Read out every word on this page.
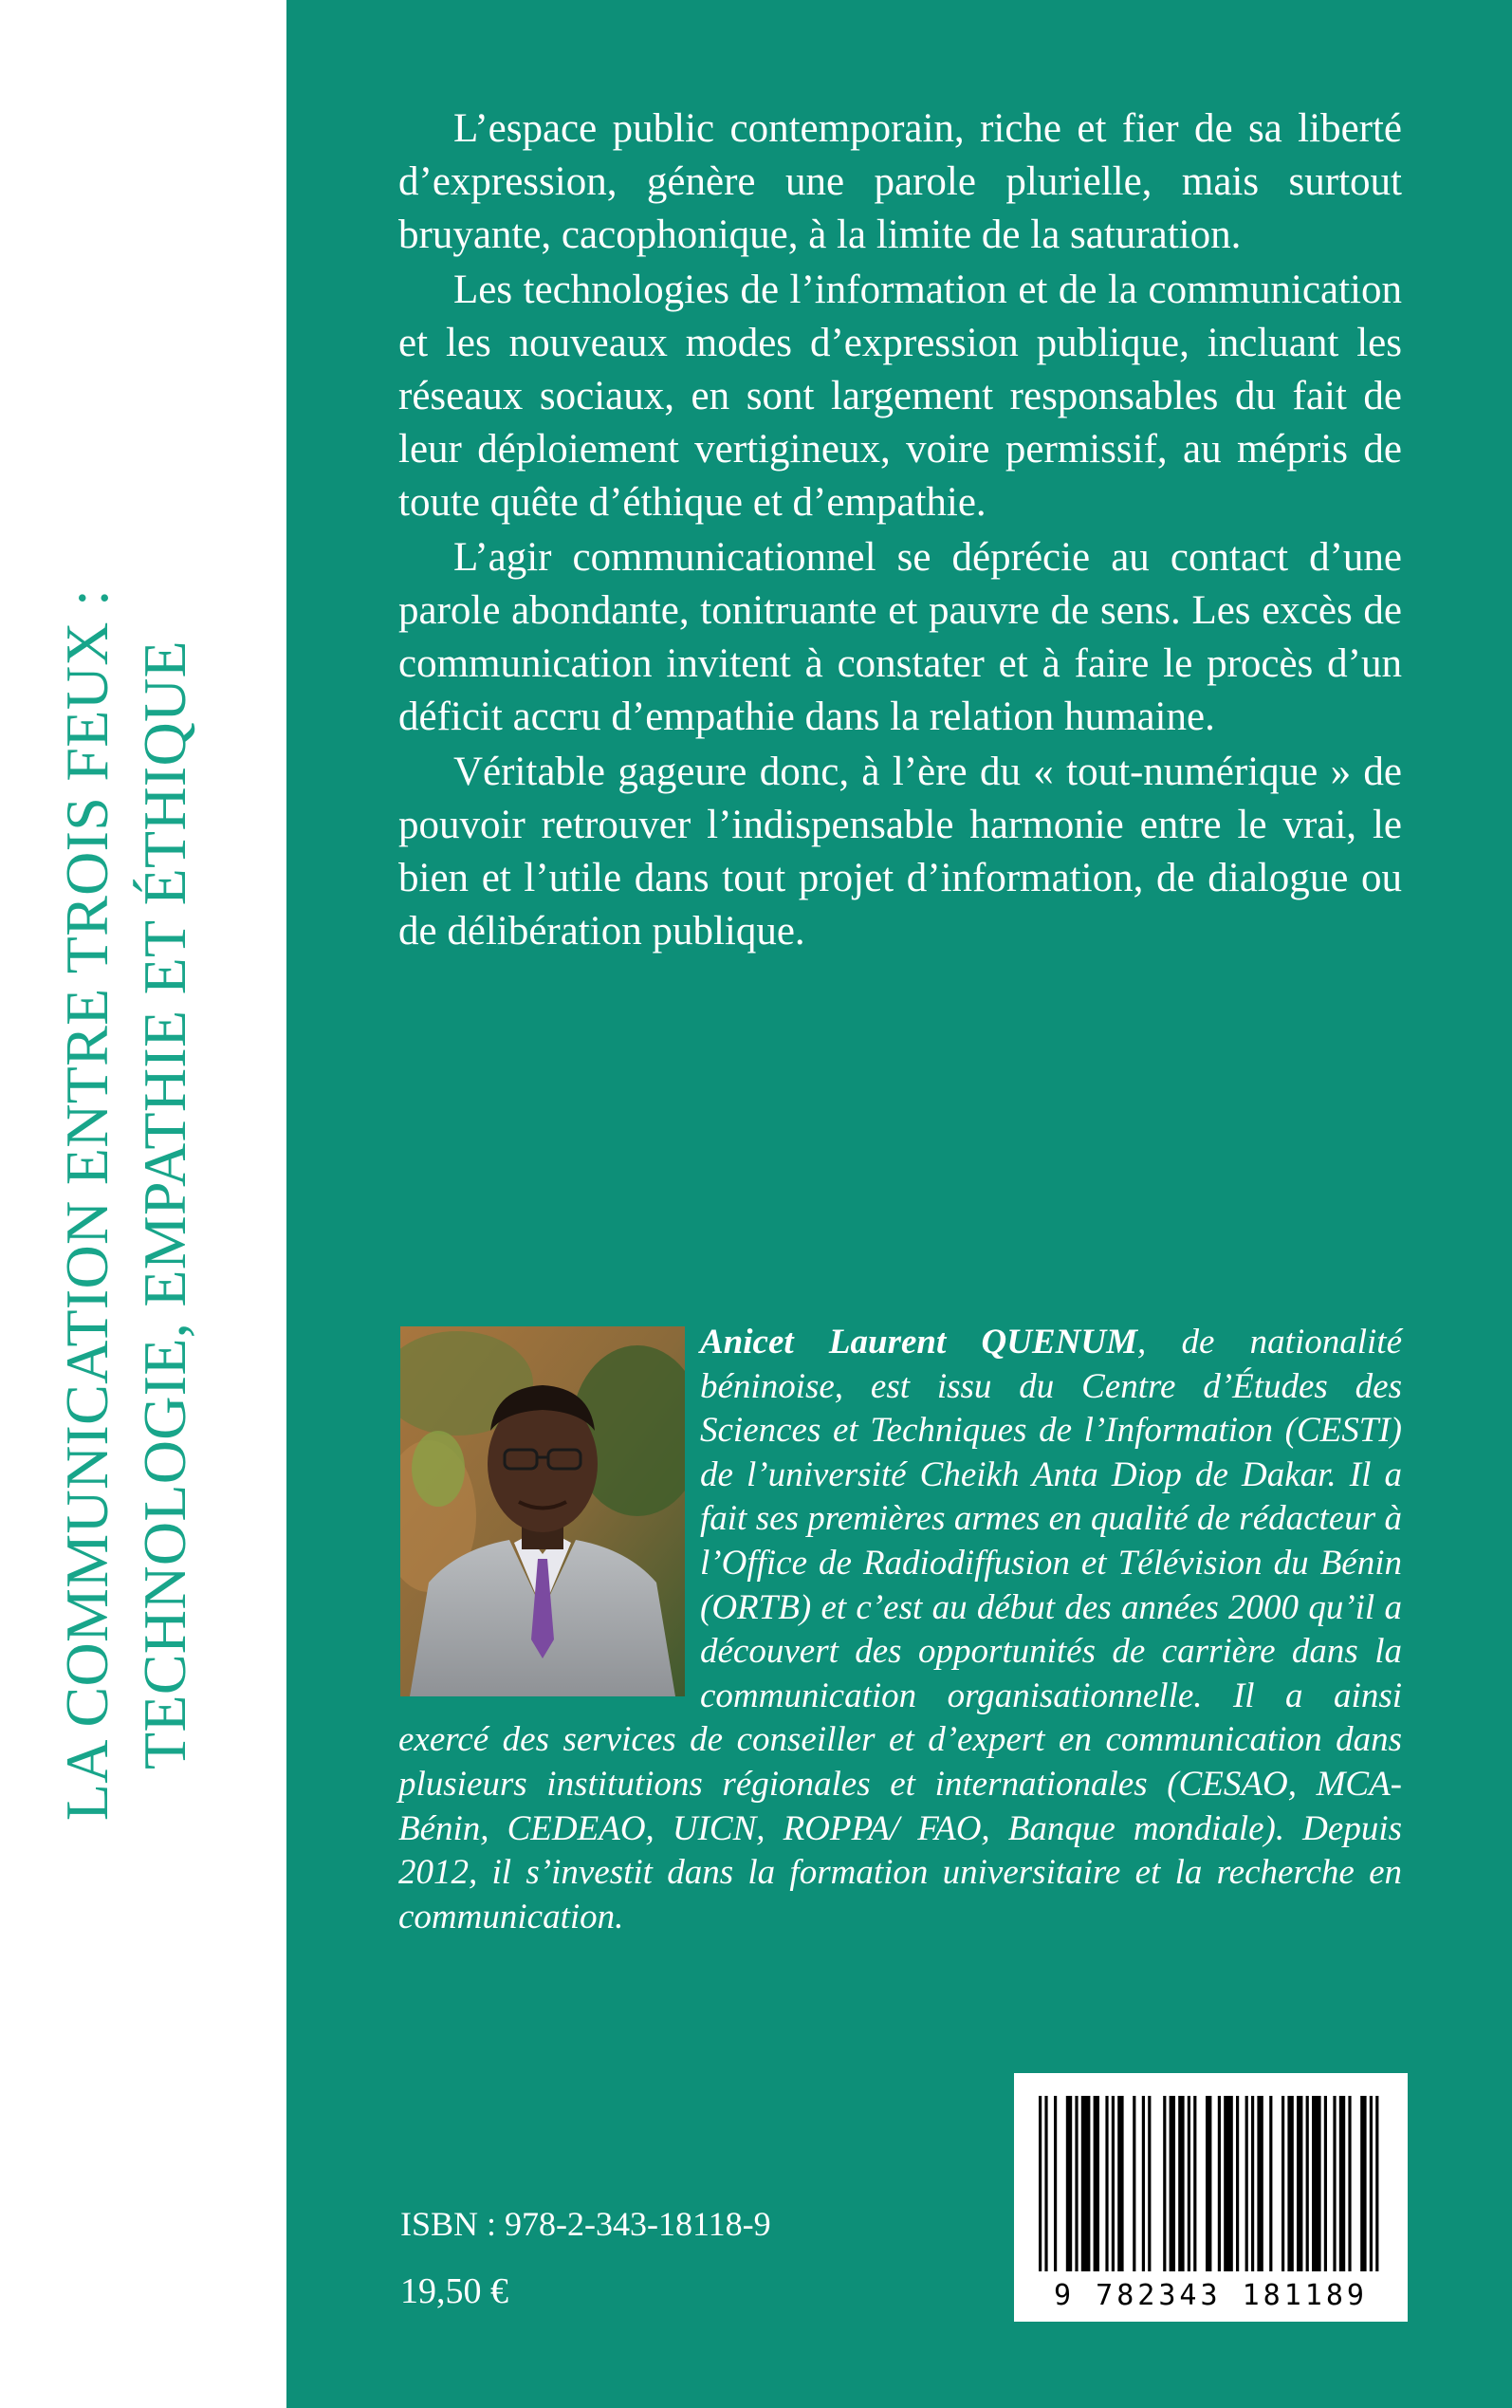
LA COMMUNICATION ENTRE TROIS FEUX : TECHNOLOGIE, EMPATHIE ET ÉTHIQUE

L’espace public contemporain, riche et fier de sa liberté d’expression, génère une parole plurielle, mais surtout bruyante, cacophonique, à la limite de la saturation.

Les technologies de l’information et de la communication et les nouveaux modes d’expression publique, incluant les réseaux sociaux, en sont largement responsables du fait de leur déploiement vertigineux, voire permissif, au mépris de toute quête d’éthique et d’empathie.

L’agir communicationnel se déprécie au contact d’une parole abondante, tonitruante et pauvre de sens. Les excès de communication invitent à constater et à faire le procès d’un déficit accru d’empathie dans la relation humaine.

Véritable gageure donc, à l’ère du « tout-numérique » de pouvoir retrouver l’indispensable harmonie entre le vrai, le bien et l’utile dans tout projet d’information, de dialogue ou de délibération publique.

Anicet Laurent QUENUM, de nationalité béninoise, est issu du Centre d’Études des Sciences et Techniques de l’Information (CESTI) de l’université Cheikh Anta Diop de Dakar. Il a fait ses premières armes en qualité de rédacteur à l’Office de Radiodiffusion et Télévision du Bénin (ORTB) et c’est au début des années 2000 qu’il a découvert des opportunités de carrière dans la communication organisationnelle. Il a ainsi exercé des services de conseiller et d’expert en communication dans plusieurs institutions régionales et internationales (CESAO, MCA-Bénin, CEDEAO, UICN, ROPPA/ FAO, Banque mondiale). Depuis 2012, il s’investit dans la formation universitaire et la recherche en communication.
ISBN : 978-2-343-18118-9
19,50 €	9 782343 181189
